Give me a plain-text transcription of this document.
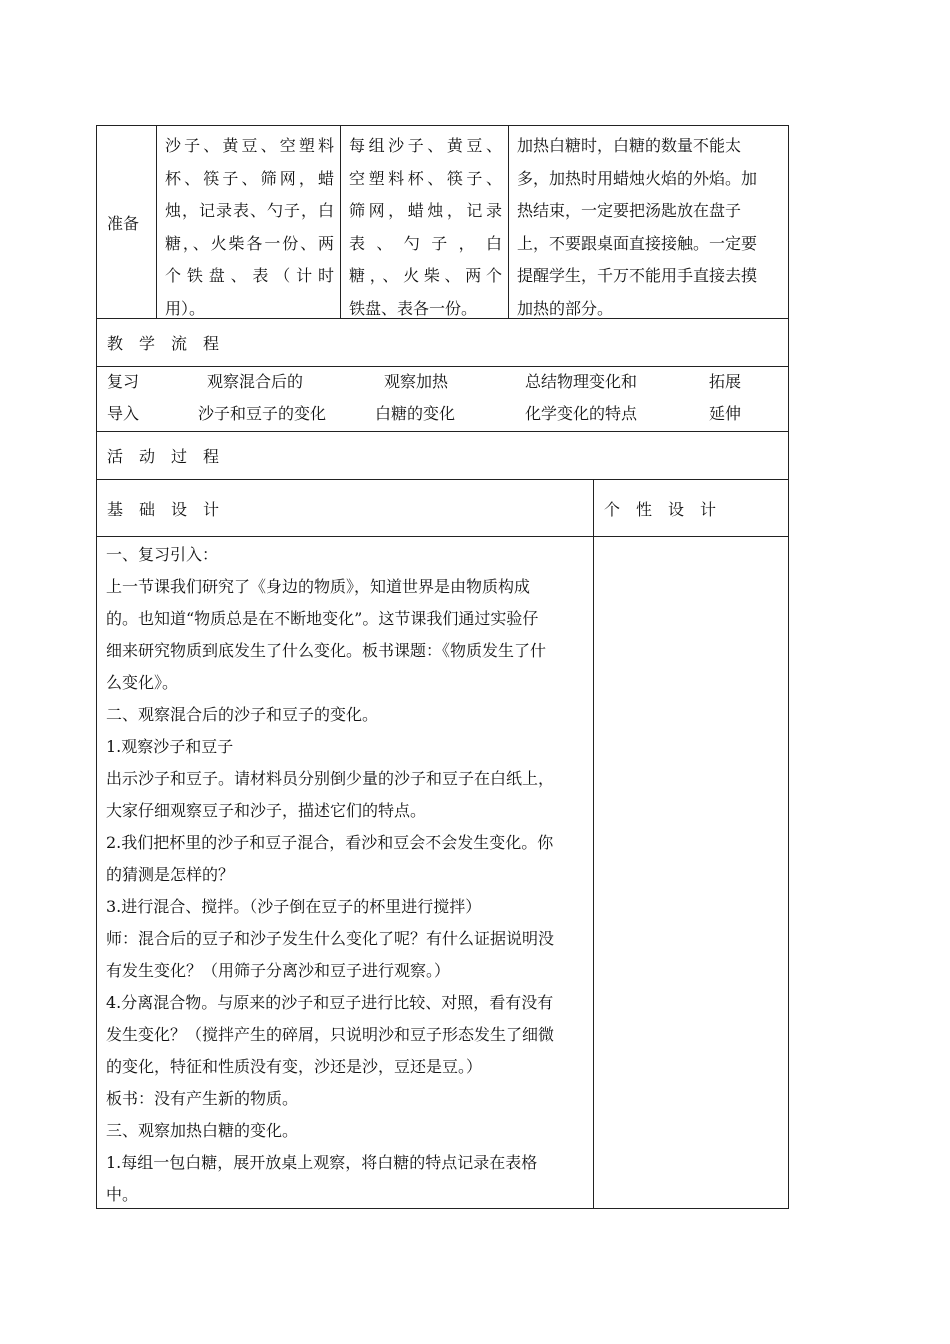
准备

沙子、黄豆、空塑料

杯、筷子、筛网，蜡

烛，记录表、勺子，白

糖，、火柴各一份、两

个铁盘、表（计时

用）。

每组沙子、黄豆、

空塑料杯、筷子、

筛网，蜡烛，记录

表、勺子，白

糖，、火柴、两个

铁盘、表各一份。

加热白糖时，白糖的数量不能太

多，加热时用蜡烛火焰的外焰。加

热结束，一定要把汤匙放在盘子

上，不要跟桌面直接接触。一定要

提醒学生，千万不能用手直接去摸

加热的部分。

教　学　流　程
复习
导入
观察混合后的
沙子和豆子的变化
观察加热
白糖的变化
总结物理变化和
化学变化的特点
拓展
延伸
活　动　过　程
基　础　设　计	个　性　设　计

一、复习引入：

上一节课我们研究了《身边的物质》，知道世界是由物质构成

的。也知道“物质总是在不断地变化”。这节课我们通过实验仔

细来研究物质到底发生了什么变化。板书课题：《物质发生了什

么变化》。

二、观察混合后的沙子和豆子的变化。

1.观察沙子和豆子

出示沙子和豆子。请材料员分别倒少量的沙子和豆子在白纸上，

大家仔细观察豆子和沙子，描述它们的特点。

2.我们把杯里的沙子和豆子混合，看沙和豆会不会发生变化。你

的猜测是怎样的？

3.进行混合、搅拌。（沙子倒在豆子的杯里进行搅拌）

师：混合后的豆子和沙子发生什么变化了呢？有什么证据说明没

有发生变化？（用筛子分离沙和豆子进行观察。）

4.分离混合物。与原来的沙子和豆子进行比较、对照，看有没有

发生变化？（搅拌产生的碎屑，只说明沙和豆子形态发生了细微

的变化，特征和性质没有变，沙还是沙，豆还是豆。）

板书：没有产生新的物质。

三、观察加热白糖的变化。

1.每组一包白糖，展开放桌上观察，将白糖的特点记录在表格

中。
